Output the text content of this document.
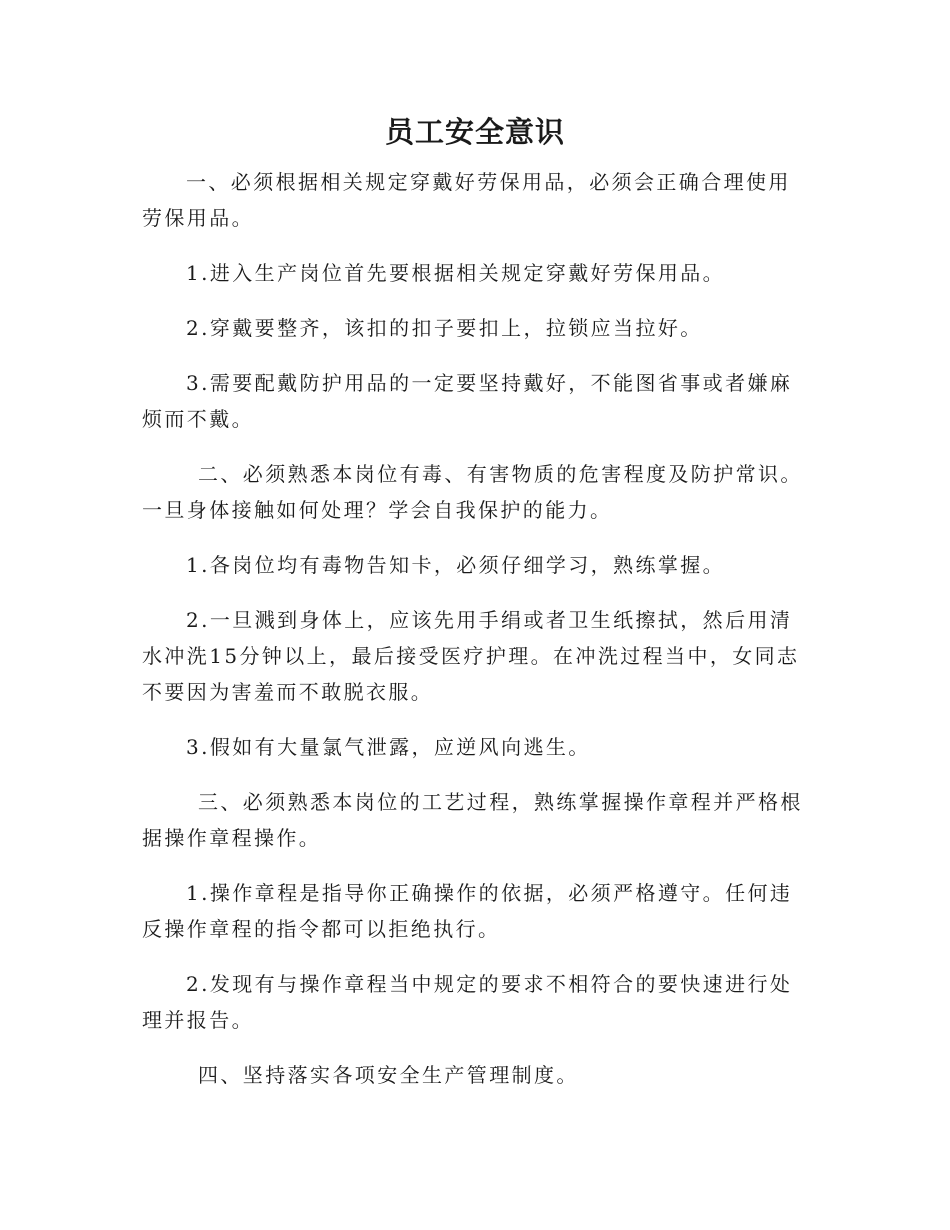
员工安全意识

一、必须根据相关规定穿戴好劳保用品，必须会正确合理使用劳保用品。

1.进入生产岗位首先要根据相关规定穿戴好劳保用品。

2.穿戴要整齐，该扣的扣子要扣上，拉锁应当拉好。

3.需要配戴防护用品的一定要坚持戴好，不能图省事或者嫌麻烦而不戴。

二、必须熟悉本岗位有毒、有害物质的危害程度及防护常识。一旦身体接触如何处理？学会自我保护的能力。

1.各岗位均有毒物告知卡，必须仔细学习，熟练掌握。

2.一旦溅到身体上，应该先用手绢或者卫生纸擦拭，然后用清水冲洗15分钟以上，最后接受医疗护理。在冲洗过程当中，女同志不要因为害羞而不敢脱衣服。

3.假如有大量氯气泄露，应逆风向逃生。

三、必须熟悉本岗位的工艺过程，熟练掌握操作章程并严格根据操作章程操作。

1.操作章程是指导你正确操作的依据，必须严格遵守。任何违反操作章程的指令都可以拒绝执行。

2.发现有与操作章程当中规定的要求不相符合的要快速进行处理并报告。

四、坚持落实各项安全生产管理制度。
